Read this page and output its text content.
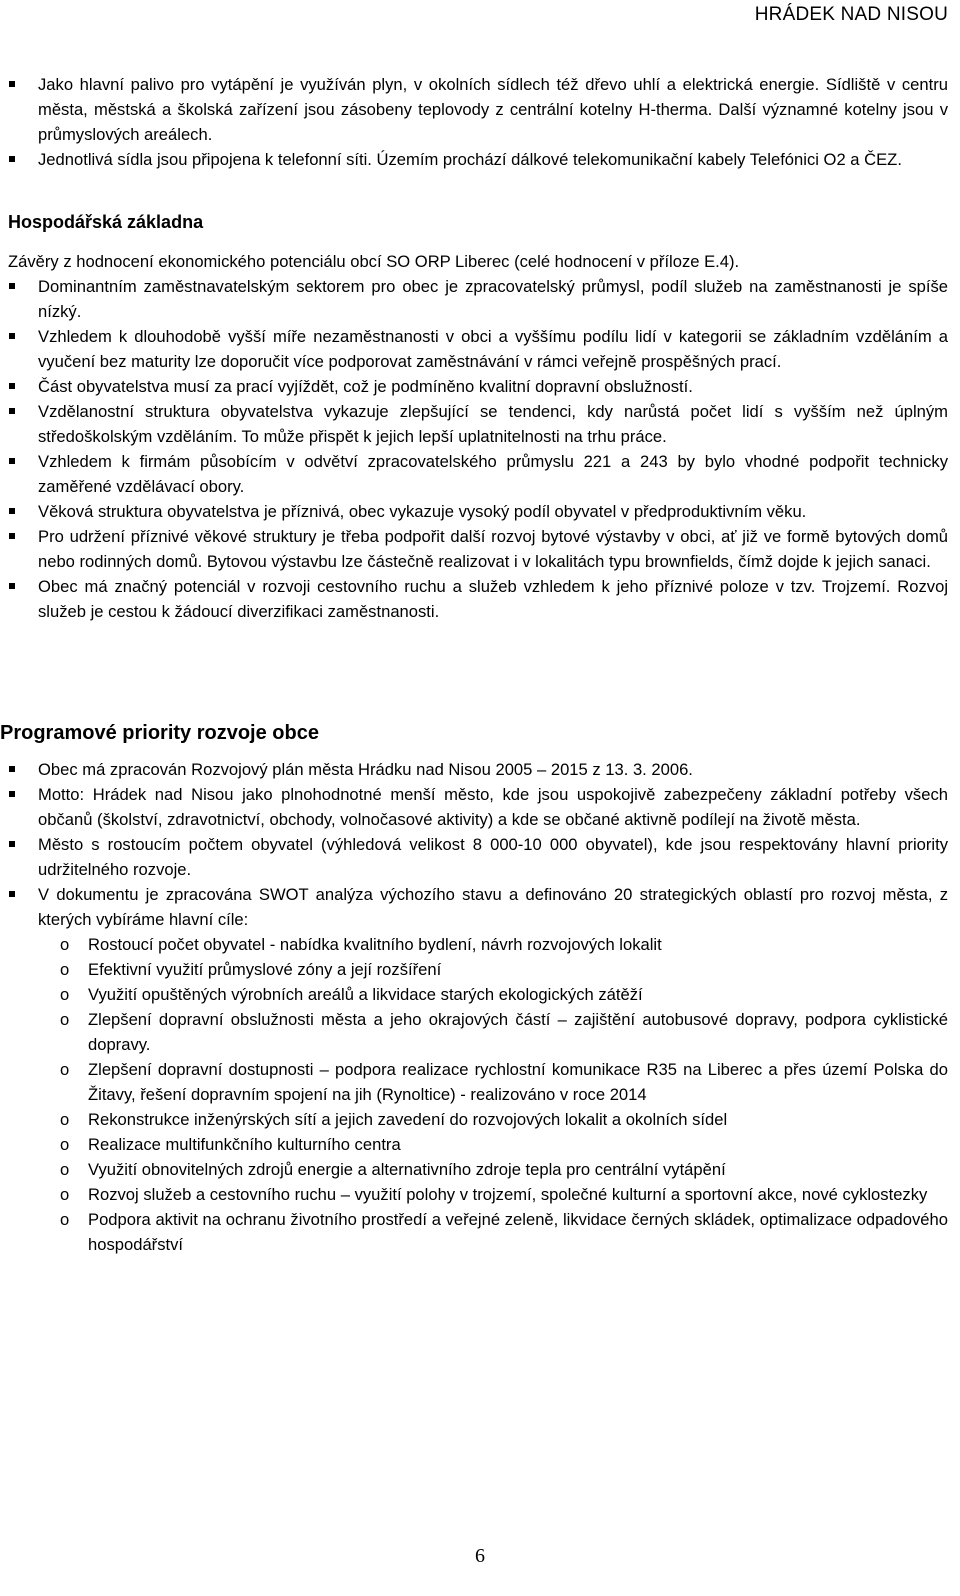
HRÁDEK NAD NISOU
Jako hlavní palivo pro vytápění je využíván plyn, v okolních sídlech též dřevo uhlí a elektrická energie. Sídliště v centru města, městská a školská zařízení jsou zásobeny teplovody z centrální kotelny H-therma. Další významné kotelny jsou v průmyslových areálech.
Jednotlivá sídla jsou připojena k telefonní síti. Územím prochází dálkové telekomunikační kabely Telefónici O2 a ČEZ.
Hospodářská základna

Závěry z hodnocení ekonomického potenciálu obcí SO ORP Liberec (celé hodnocení v příloze E.4).

Dominantním zaměstnavatelským sektorem pro obec je zpracovatelský průmysl, podíl služeb na zaměstnanosti je spíše nízký.
Vzhledem k dlouhodobě vyšší míře nezaměstnanosti v obci a vyššímu podílu lidí v kategorii se základním vzděláním a vyučení bez maturity lze doporučit více podporovat zaměstnávání v rámci veřejně prospěšných prací.
Část obyvatelstva musí za prací vyjíždět, což je podmíněno kvalitní dopravní obslužností.
Vzdělanostní struktura obyvatelstva vykazuje zlepšující se tendenci, kdy narůstá počet lidí s vyšším než úplným středoškolským vzděláním. To může přispět k jejich lepší uplatnitelnosti na trhu práce.
Vzhledem k firmám působícím v odvětví zpracovatelského průmyslu 221 a 243 by bylo vhodné podpořit technicky zaměřené vzdělávací obory.
Věková struktura obyvatelstva je příznivá, obec vykazuje vysoký podíl obyvatel v předproduktivním věku.
Pro udržení příznivé věkové struktury je třeba podpořit další rozvoj bytové výstavby v obci, ať již ve formě bytových domů nebo rodinných domů. Bytovou výstavbu lze částečně realizovat i v lokalitách typu brownfields, čímž dojde k jejich sanaci.
Obec má značný potenciál v rozvoji cestovního ruchu a služeb vzhledem k jeho příznivé poloze v tzv. Trojzemí. Rozvoj služeb je cestou k žádoucí diverzifikaci zaměstnanosti.
Programové priority rozvoje obce
Obec má zpracován Rozvojový plán města Hrádku nad Nisou 2005 – 2015 z 13. 3. 2006.
Motto: Hrádek nad Nisou jako plnohodnotné menší město, kde jsou uspokojivě zabezpečeny základní potřeby všech občanů (školství, zdravotnictví, obchody, volnočasové aktivity) a kde se občané aktivně podílejí na životě města.
Město s rostoucím počtem obyvatel (výhledová velikost 8 000-10 000 obyvatel), kde jsou respektovány hlavní priority udržitelného rozvoje.
V dokumentu je zpracována SWOT analýza výchozího stavu a definováno 20 strategických oblastí pro rozvoj města, z kterých vybíráme hlavní cíle:
o Rostoucí počet obyvatel - nabídka kvalitního bydlení, návrh rozvojových lokalit
o Efektivní využití průmyslové zóny a její rozšíření
o Využití opuštěných výrobních areálů a likvidace starých ekologických zátěží
o Zlepšení dopravní obslužnosti města a jeho okrajových částí – zajištění autobusové dopravy, podpora cyklistické dopravy.
o Zlepšení dopravní dostupnosti – podpora realizace rychlostní komunikace R35 na Liberec a přes území Polska do Žitavy, řešení dopravním spojení na jih (Rynoltice) - realizováno v roce 2014
o Rekonstrukce inženýrských sítí a jejich zavedení do rozvojových lokalit a okolních sídel
o Realizace multifunkčního kulturního centra
o Využití obnovitelných zdrojů energie a alternativního zdroje tepla pro centrální vytápění
o Rozvoj služeb a cestovního ruchu – využití polohy v trojzemí, společné kulturní a sportovní akce, nové cyklostezky
o Podpora aktivit na ochranu životního prostředí a veřejné zeleně, likvidace černých skládek, optimalizace odpadového hospodářství
6
